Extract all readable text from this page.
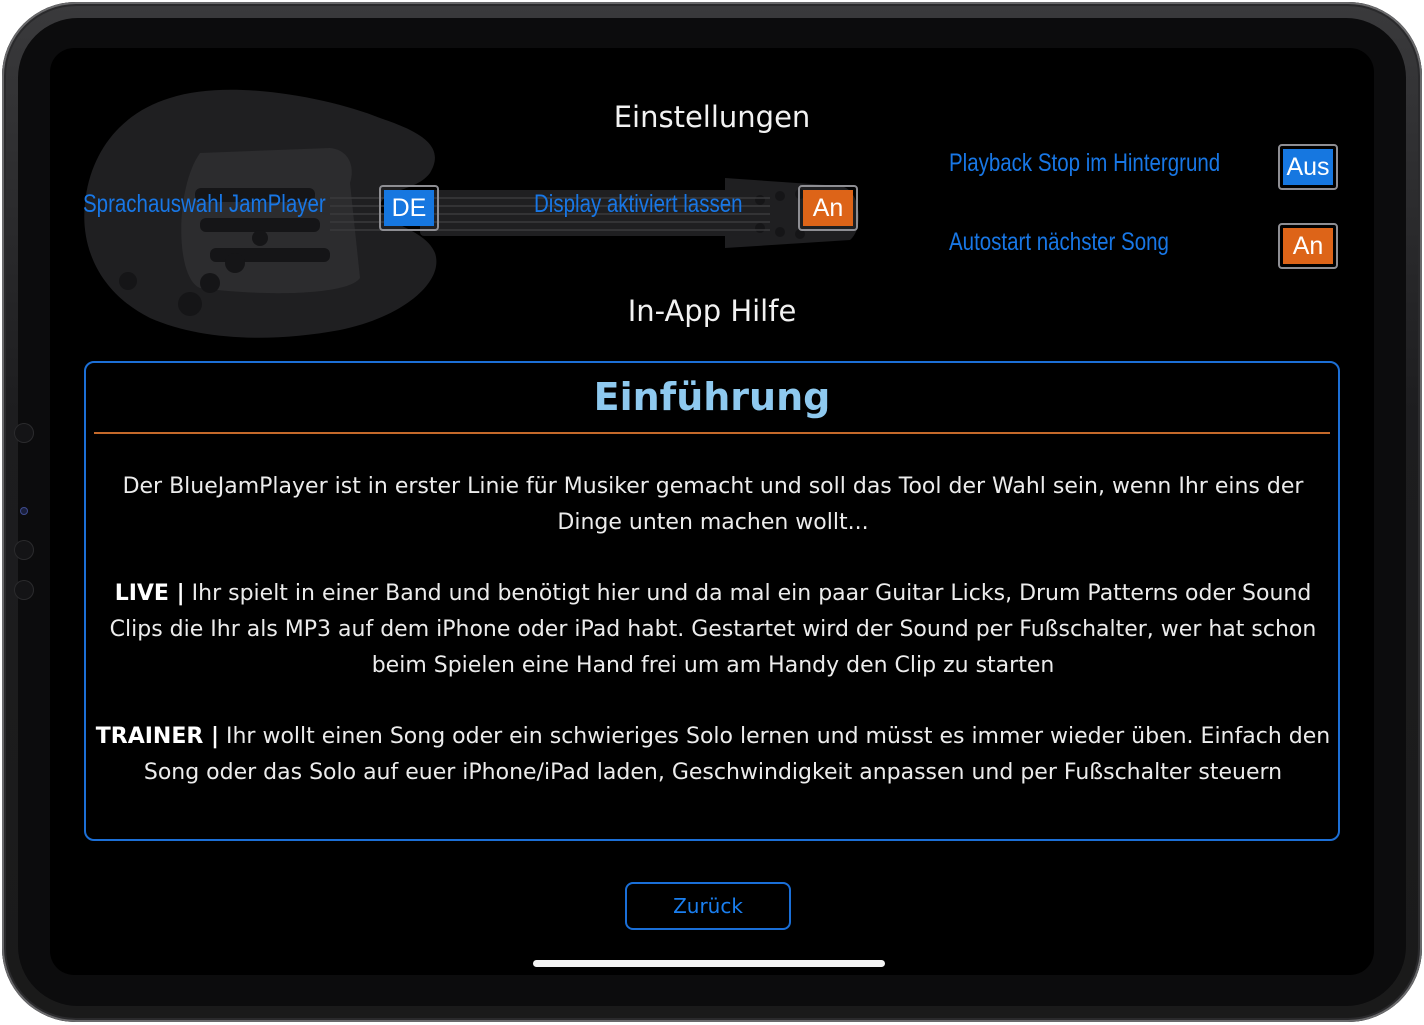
Einstellungen
Sprachauswahl JamPlayer	DE	Display aktiviert lassen	An
Playback Stop im Hintergrund	Aus
Autostart nächster Song	An
In-App Hilfe
Einführung

Der BlueJamPlayer ist in erster Linie für Musiker gemacht und soll das Tool der Wahl sein, wenn Ihr eins der Dinge unten machen wollt...

LIVE | Ihr spielt in einer Band und benötigt hier und da mal ein paar Guitar Licks, Drum Patterns oder Sound Clips die Ihr als MP3 auf dem iPhone oder iPad habt. Gestartet wird der Sound per Fußschalter, wer hat schon beim Spielen eine Hand frei um am Handy den Clip zu starten

TRAINER | Ihr wollt einen Song oder ein schwieriges Solo lernen und müsst es immer wieder üben. Einfach den Song oder das Solo auf euer iPhone/iPad laden, Geschwindigkeit anpassen und per Fußschalter steuern

Zurück
